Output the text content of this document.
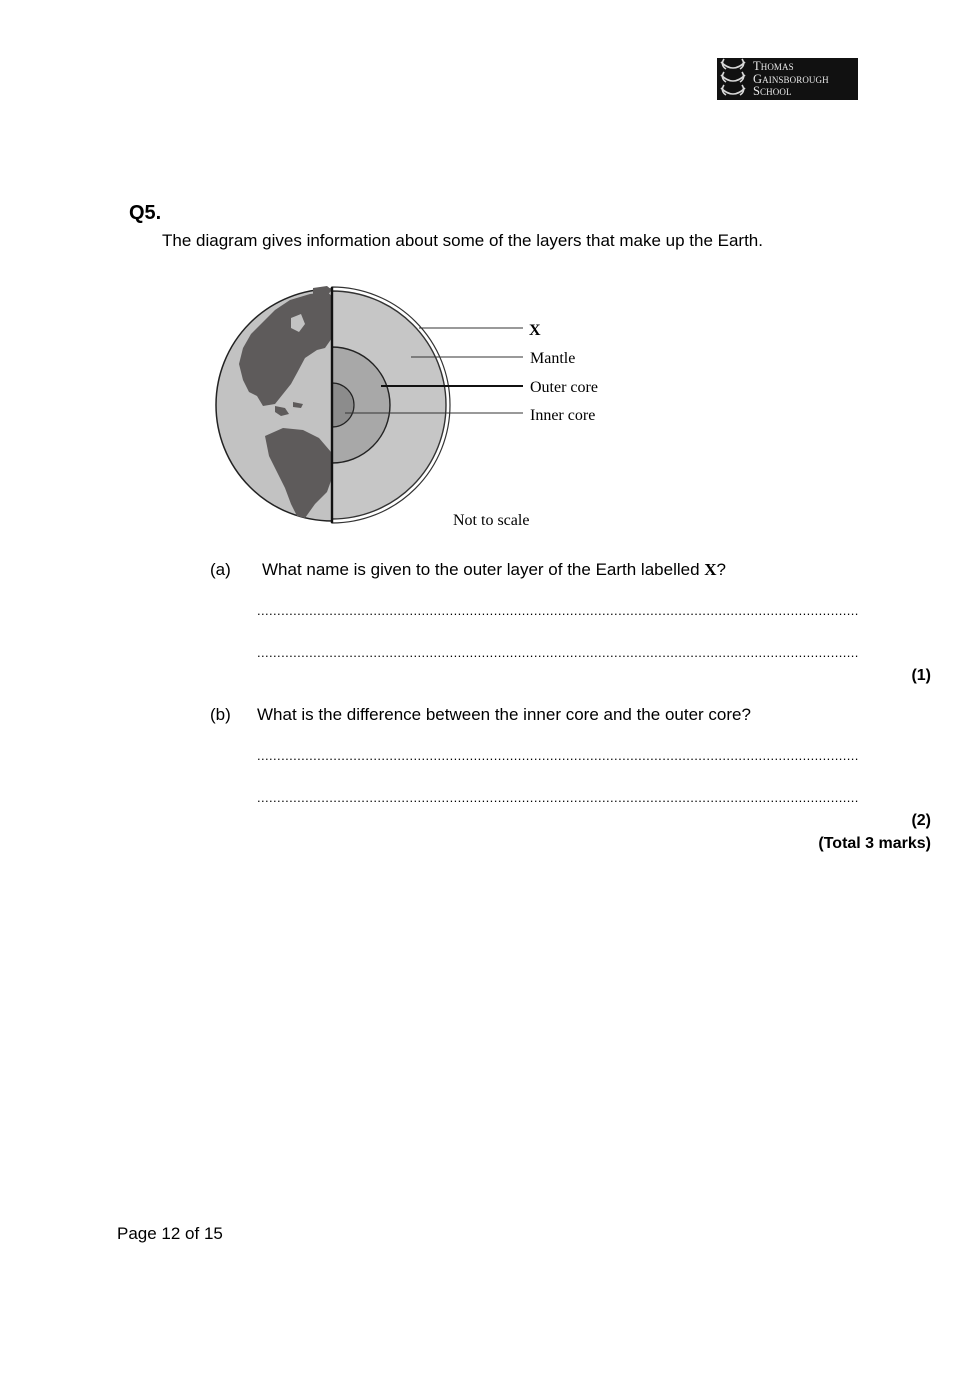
Thomas
Gainsborough
School
Q5.
The diagram gives information about some of the layers that make up the Earth.
X
Mantle
Outer core
Inner core
Not to scale
(a) What name is given to the outer layer of the Earth labelled X?
......................................................................................................................................................
......................................................................................................................................................
(1)
(b) What is the difference between the inner core and the outer core?
......................................................................................................................................................
......................................................................................................................................................
(2)
(Total 3 marks)
Page 12 of 15
